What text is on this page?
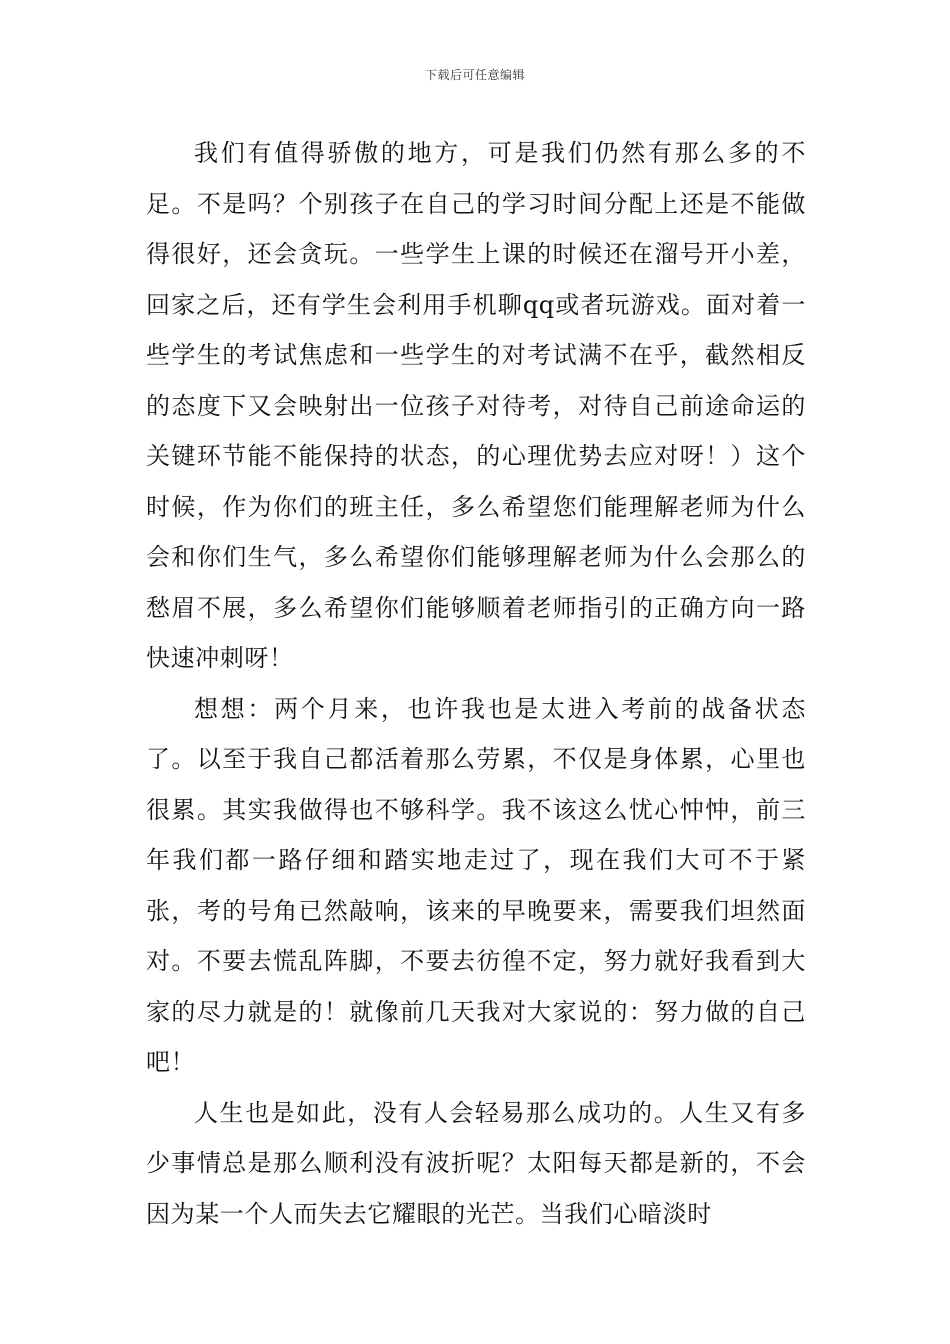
下载后可任意编辑

我们有值得骄傲的地方，可是我们仍然有那么多的不足。不是吗？个别孩子在自己的学习时间分配上还是不能做得很好，还会贪玩。一些学生上课的时候还在溜号开小差，回家之后，还有学生会利用手机聊qq或者玩游戏。面对着一些学生的考试焦虑和一些学生的对考试满不在乎，截然相反的态度下又会映射出一位孩子对待考，对待自己前途命运的关键环节能不能保持的状态，的心理优势去应对呀！）这个时候，作为你们的班主任，多么希望您们能理解老师为什么会和你们生气，多么希望你们能够理解老师为什么会那么的愁眉不展，多么希望你们能够顺着老师指引的正确方向一路快速冲刺呀！

想想：两个月来，也许我也是太进入考前的战备状态了。以至于我自己都活着那么劳累，不仅是身体累，心里也很累。其实我做得也不够科学。我不该这么忧心忡忡，前三年我们都一路仔细和踏实地走过了，现在我们大可不于紧张，考的号角已然敲响，该来的早晚要来，需要我们坦然面对。不要去慌乱阵脚，不要去彷徨不定，努力就好我看到大家的尽力就是的！就像前几天我对大家说的：努力做的自己吧！

人生也是如此，没有人会轻易那么成功的。人生又有多少事情总是那么顺利没有波折呢？太阳每天都是新的，不会因为某一个人而失去它耀眼的光芒。当我们心暗淡时
